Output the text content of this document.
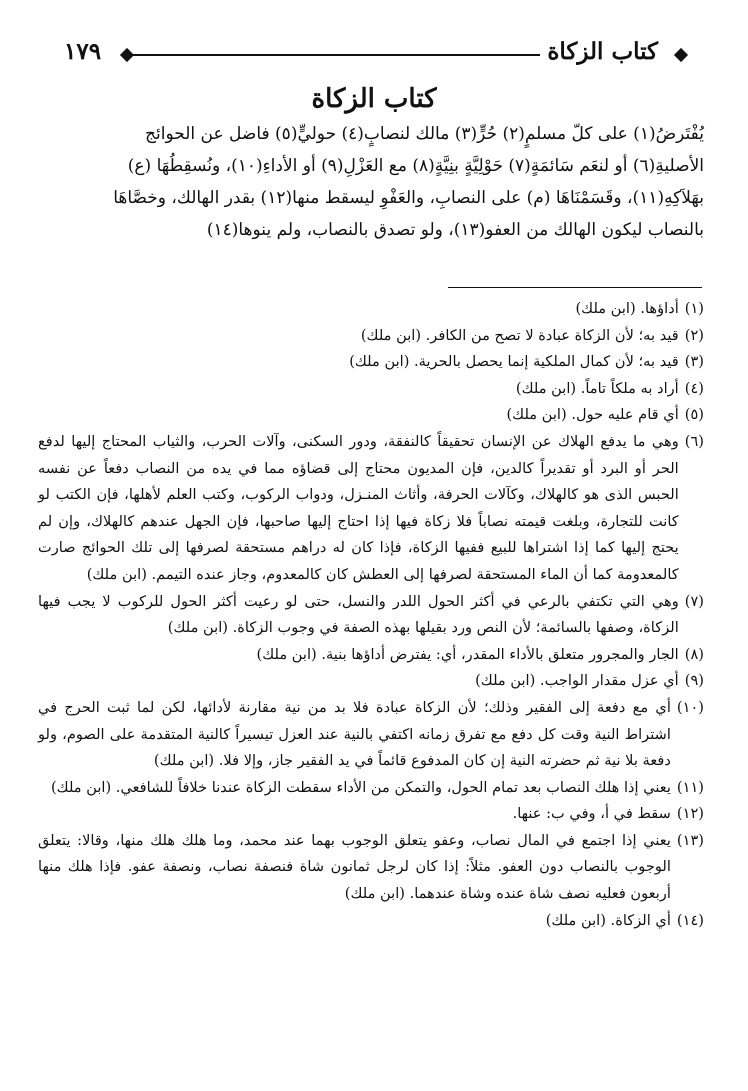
كتاب الزكاة
١٧٩
كتاب الزكاة
يُفْتَرضُ(١) على كلّ مسلمٍ(٢) حُرٍّ(٣) مالك لنصابٍ(٤) حوليٍّ(٥) فاضل عن الحوائج
الأصليةِ(٦) أو لنعَم سَائمَةٍ(٧) حَوْلِيَّةٍ بنِيَّةٍ(٨) مع العَزْلِ(٩) أو الأداءِ(١٠)، ونُسقِطُهَا (ع)
بهَلاَكِهِ(١١)، وقَسَمْنَاهَا (م) على النصابِ، والعَفْوِ ليسقط منها(١٢) بقدر الهالك، وخصَّاهَا
بالنصاب ليكون الهالك من العفو(١٣)، ولو تصدق بالنصاب، ولم ينوها(١٤)
(١)
أداؤها. (ابن ملك)
(٢)
قيد به؛ لأن الزكاة عبادة لا تصح من الكافر. (ابن ملك)
(٣)
قيد به؛ لأن كمال الملكية إنما يحصل بالحرية. (ابن ملك)
(٤)
أراد به ملكاً تاماً. (ابن ملك)
(٥)
أي قام عليه حول. (ابن ملك)
(٦)
وهي ما يدفع الهلاك عن الإنسان تحقيقاً كالنفقة، ودور السكنى، وآلات الحرب، والثياب المحتاج إليها لدفع الحر أو البرد أو تقديراً كالدين، فإن المديون محتاج إلى قضاؤه مما في يده من النصاب دفعاً عن نفسه الحبس الذى هو كالهلاك، وكآلات الحرفة، وأثاث المنـزل، ودواب الركوب، وكتب العلم لأهلها، فإن الكتب لو كانت للتجارة، وبلغت قيمته نصاباً فلا زكاة فيها إذا احتاج إليها صاحبها، فإن الجهل عندهم كالهلاك، وإن لم يحتج إليها كما إذا اشتراها للبيع ففيها الزكاة، فإذا كان له دراهم مستحقة لصرفها إلى تلك الحوائج صارت كالمعدومة كما أن الماء المستحقة لصرفها إلى العطش كان كالمعدوم، وجاز عنده التيمم. (ابن ملك)
(٧)
وهي التي تكتفي بالرعي في أكثر الحول اللدر والنسل، حتى لو رعيت أكثر الحول للركوب لا يجب فيها الزكاة، وصفها بالسائمة؛ لأن النص ورد بقيلها بهذه الصفة في وجوب الزكاة. (ابن ملك)
(٨)
الجار والمجرور متعلق بالأداء المقدر، أي: يفترض أداؤها بنية. (ابن ملك)
(٩)
أي عزل مقدار الواجب. (ابن ملك)
(١٠)
أي مع دفعة إلى الفقير وذلك؛ لأن الزكاة عبادة فلا بد من نية مقارنة لأدائها، لكن لما ثبت الحرج في اشتراط النية وقت كل دفع مع تفرق زمانه اكتفي بالنية عند العزل تيسيراً كالنية المتقدمة على الصوم، ولو دفعة بلا نية ثم حضرته النية إن كان المدفوع قائماً في يد الفقير جاز، وإلا فلا. (ابن ملك)
(١١)
يعني إذا هلك النصاب بعد تمام الحول، والتمكن من الأداء سقطت الزكاة عندنا خلافاً للشافعي. (ابن ملك)
(١٢)
سقط في أ، وفي ب: عنها.
(١٣)
يعني إذا اجتمع في المال نصاب، وعفو يتعلق الوجوب بهما عند محمد، وما هلك هلك منها، وقالا: يتعلق الوجوب بالنصاب دون العفو. مثلاً: إذا كان لرجل ثمانون شاة فنصفة نصاب، ونصفة عفو. فإذا هلك منها أربعون فعليه نصف شاة عنده وشاة عندهما. (ابن ملك)
(١٤)
أي الزكاة. (ابن ملك)
